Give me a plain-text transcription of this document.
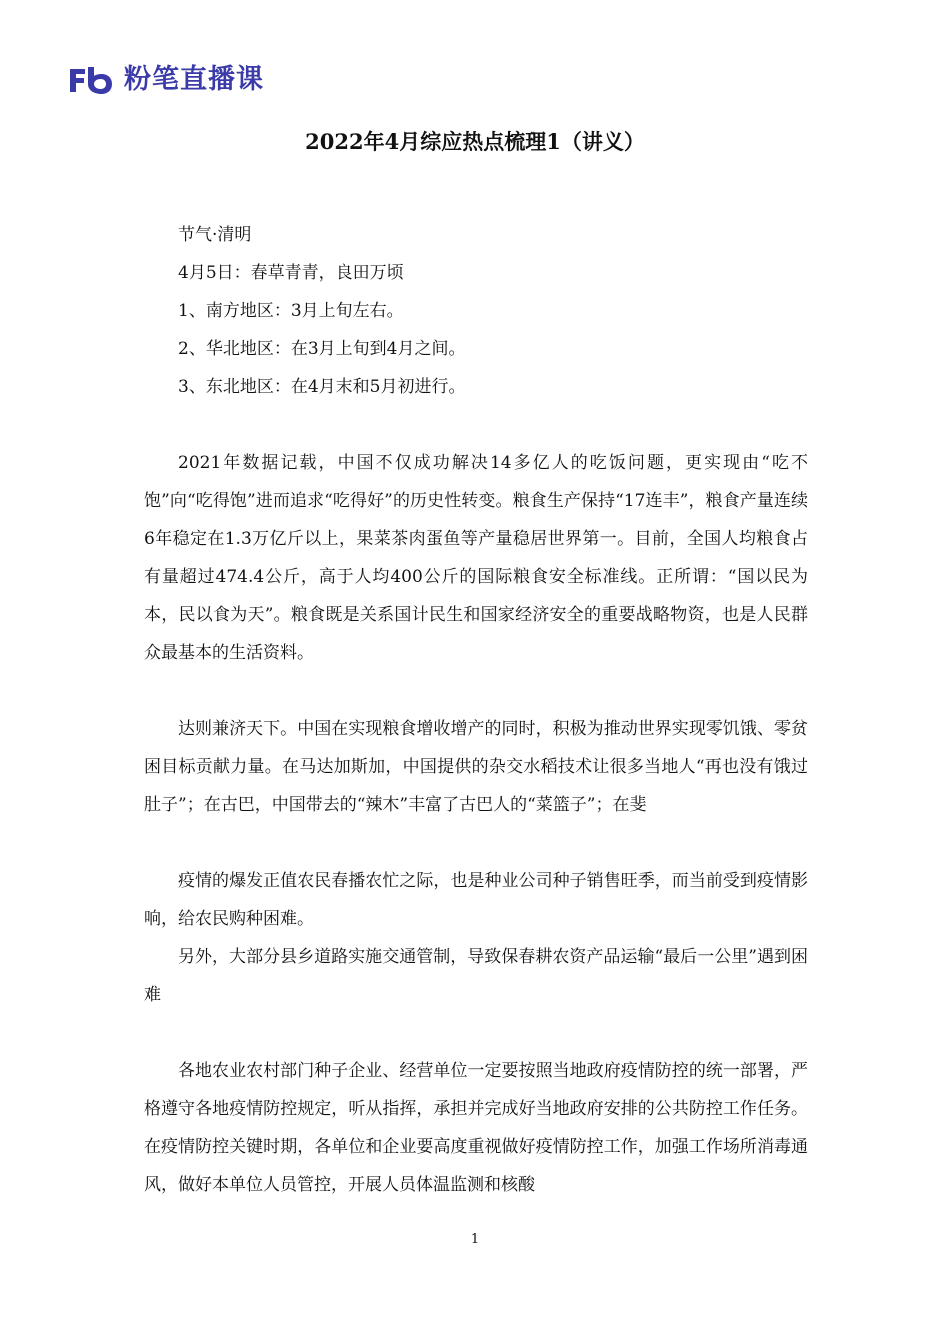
粉笔直播课
2022年4月综应热点梳理1（讲义）

节气·清明

4月5日：春草青青，良田万顷

1、南方地区：3月上旬左右。

2、华北地区：在3月上旬到4月之间。

3、东北地区：在4月末和5月初进行。

2021年数据记载，中国不仅成功解决14多亿人的吃饭问题，更实现由“吃不饱”向“吃得饱”进而追求“吃得好”的历史性转变。粮食生产保持“17连丰”，粮食产量连续6年稳定在1.3万亿斤以上，果菜茶肉蛋鱼等产量稳居世界第一。目前，全国人均粮食占有量超过474.4公斤，高于人均400公斤的国际粮食安全标准线。正所谓：“国以民为本，民以食为天”。粮食既是关系国计民生和国家经济安全的重要战略物资，也是人民群众最基本的生活资料。

达则兼济天下。中国在实现粮食增收增产的同时，积极为推动世界实现零饥饿、零贫困目标贡献力量。在马达加斯加，中国提供的杂交水稻技术让很多当地人“再也没有饿过肚子”；在古巴，中国带去的“辣木”丰富了古巴人的“菜篮子”；在斐

疫情的爆发正值农民春播农忙之际，也是种业公司种子销售旺季，而当前受到疫情影响，给农民购种困难。

另外，大部分县乡道路实施交通管制，导致保春耕农资产品运输“最后一公里”遇到困难

各地农业农村部门种子企业、经营单位一定要按照当地政府疫情防控的统一部署，严格遵守各地疫情防控规定，听从指挥，承担并完成好当地政府安排的公共防控工作任务。在疫情防控关键时期，各单位和企业要高度重视做好疫情防控工作，加强工作场所消毒通风，做好本单位人员管控，开展人员体温监测和核酸

1
